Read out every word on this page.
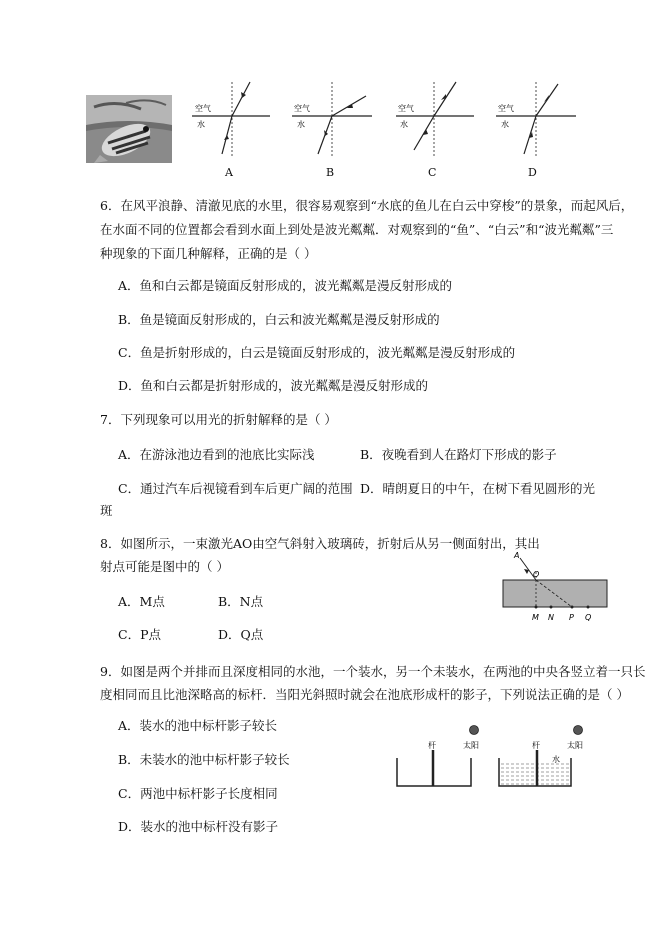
空气
水
A
空气
水
B
空气
水
C
空气
水
D
6．在风平浪静、清澈见底的水里，很容易观察到“水底的鱼儿在白云中穿梭”的景象，而起风后，
在水面不同的位置都会看到水面上到处是波光粼粼．对观察到的“鱼”、“白云”和“波光粼粼”三
种现象的下面几种解释，正确的是（ ）
A．鱼和白云都是镜面反射形成的，波光粼粼是漫反射形成的
B．鱼是镜面反射形成的，白云和波光粼粼是漫反射形成的
C．鱼是折射形成的，白云是镜面反射形成的，波光粼粼是漫反射形成的
D．鱼和白云都是折射形成的，波光粼粼是漫反射形成的
7．下列现象可以用光的折射解释的是（ ）
A．在游泳池边看到的池底比实际浅	B．夜晚看到人在路灯下形成的影子
C．通过汽车后视镜看到车后更广阔的范围 D．晴朗夏日的中午，在树下看见圆形的光
斑
8．如图所示，一束激光AO由空气斜射入玻璃砖，折射后从另一侧面射出，其出
射点可能是图中的（ ）
A．M点	B．N点
C．P点	D．Q点
A
O
M N P Q
9．如图是两个并排而且深度相同的水池，一个装水，另一个未装水，在两池的中央各竖立着一只长
度相同而且比池深略高的标杆．当阳光斜照时就会在池底形成杆的影子，下列说法正确的是（ ）
A．装水的池中标杆影子较长
B．未装水的池中标杆影子较长
C．两池中标杆影子长度相同
D．装水的池中标杆没有影子
杆	太阳	杆	太阳
水
